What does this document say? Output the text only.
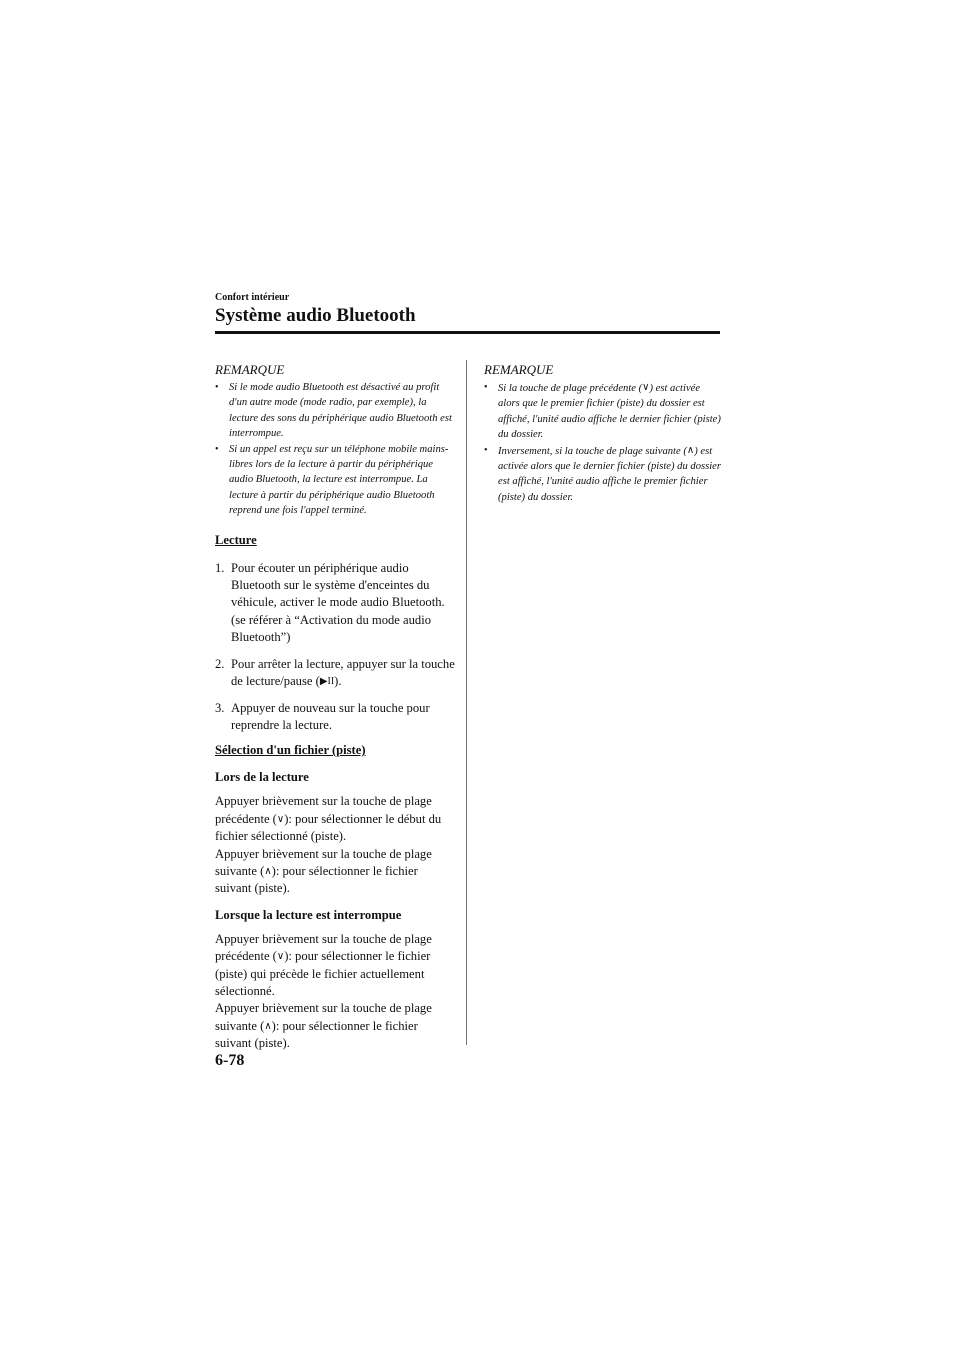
Confort intérieur
Système audio Bluetooth

REMARQUE

• Si le mode audio Bluetooth est désactivé au profit d'un autre mode (mode radio, par exemple), la lecture des sons du périphérique audio Bluetooth est interrompue.
• Si un appel est reçu sur un téléphone mobile mains-libres lors de la lecture à partir du périphérique audio Bluetooth, la lecture est interrompue. La lecture à partir du périphérique audio Bluetooth reprend une fois l'appel terminé.
Lecture
1. Pour écouter un périphérique audio Bluetooth sur le système d'enceintes du véhicule, activer le mode audio Bluetooth. (se référer à “Activation du mode audio Bluetooth”)
2. Pour arrêter la lecture, appuyer sur la touche de lecture/pause (▶II).
3. Appuyer de nouveau sur la touche pour reprendre la lecture.
Sélection d'un fichier (piste)
Lors de la lecture

Appuyer brièvement sur la touche de plage précédente (∨): pour sélectionner le début du fichier sélectionné (piste).
Appuyer brièvement sur la touche de plage suivante (∧): pour sélectionner le fichier suivant (piste).

Lorsque la lecture est interrompue

Appuyer brièvement sur la touche de plage précédente (∨): pour sélectionner le fichier (piste) qui précède le fichier actuellement sélectionné.
Appuyer brièvement sur la touche de plage suivante (∧): pour sélectionner le fichier suivant (piste).

REMARQUE

• Si la touche de plage précédente (∨) est activée alors que le premier fichier (piste) du dossier est affiché, l'unité audio affiche le dernier fichier (piste) du dossier.
• Inversement, si la touche de plage suivante (∧) est activée alors que le dernier fichier (piste) du dossier est affiché, l'unité audio affiche le premier fichier (piste) du dossier.
6-78
